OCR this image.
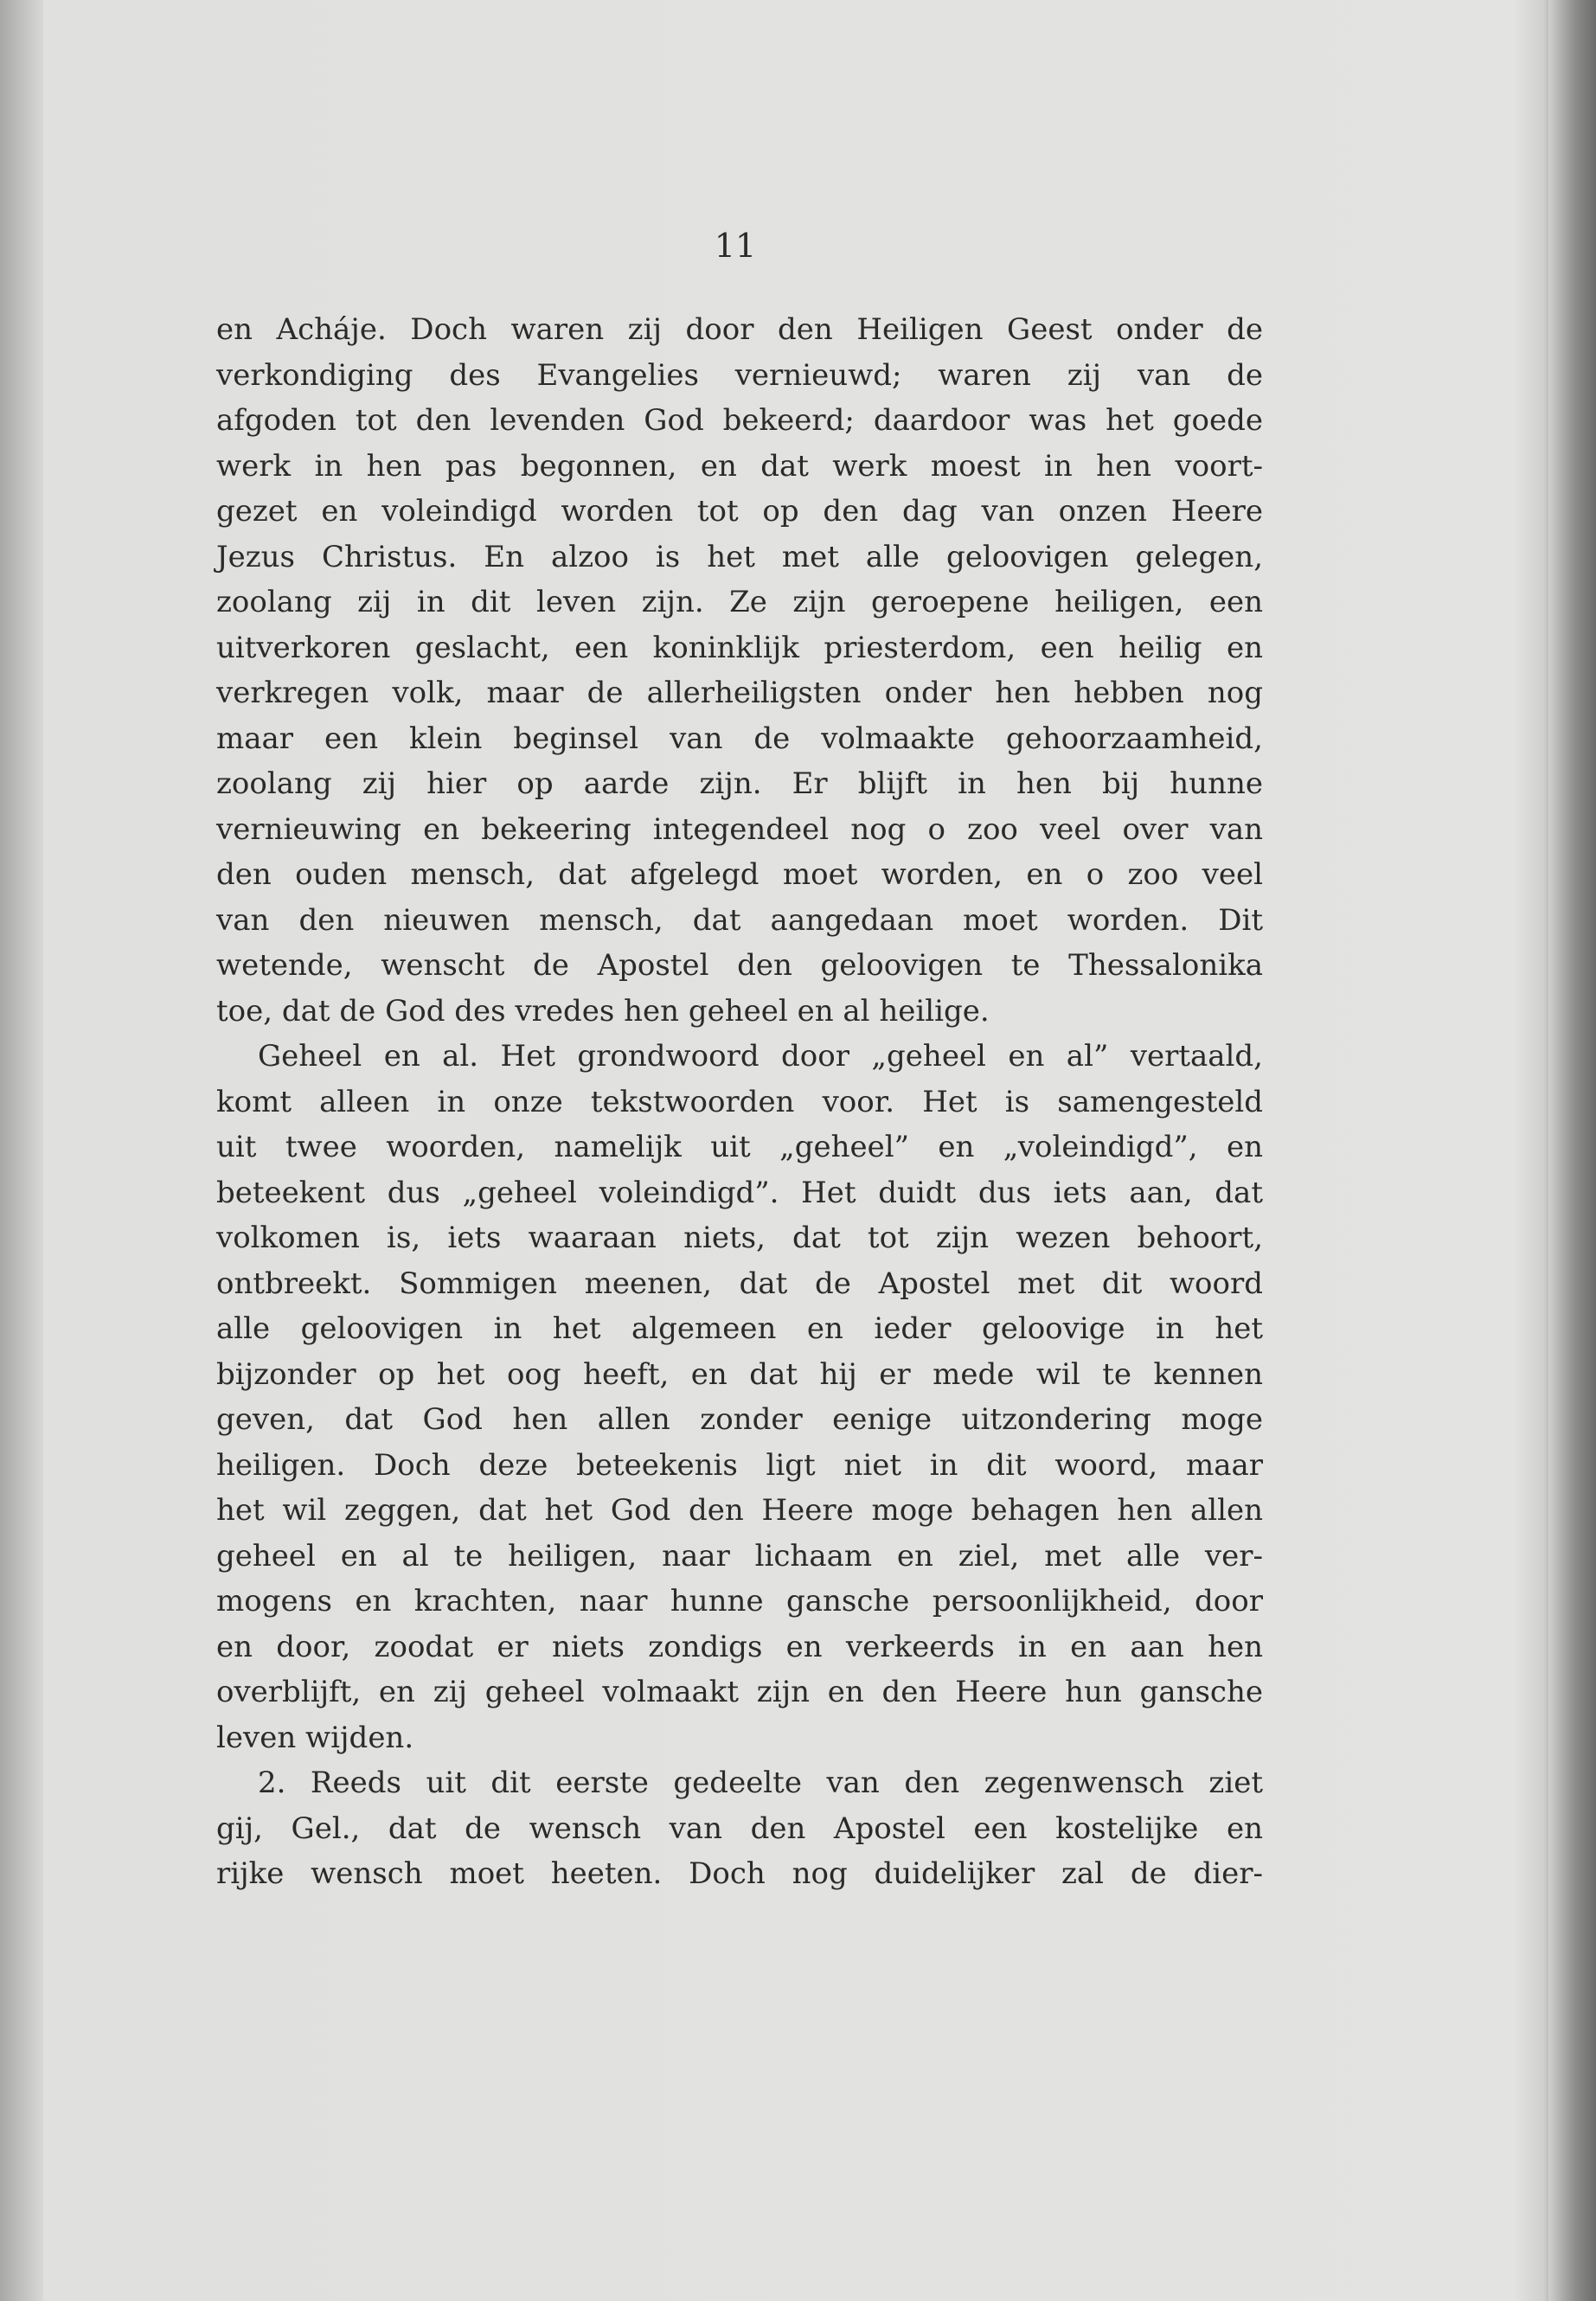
11
en Acháje. Doch waren zij door den Heiligen Geest onder de
verkondiging des Evangelies vernieuwd; waren zij van de
afgoden tot den levenden God bekeerd; daardoor was het goede
werk in hen pas begonnen, en dat werk moest in hen voort-
gezet en voleindigd worden tot op den dag van onzen Heere
Jezus Christus. En alzoo is het met alle geloovigen gelegen,
zoolang zij in dit leven zijn. Ze zijn geroepene heiligen, een
uitverkoren geslacht, een koninklijk priesterdom, een heilig en
verkregen volk, maar de allerheiligsten onder hen hebben nog
maar een klein beginsel van de volmaakte gehoorzaamheid,
zoolang zij hier op aarde zijn. Er blijft in hen bij hunne
vernieuwing en bekeering integendeel nog o zoo veel over van
den ouden mensch, dat afgelegd moet worden, en o zoo veel
van den nieuwen mensch, dat aangedaan moet worden. Dit
wetende, wenscht de Apostel den geloovigen te Thessalonika
toe, dat de God des vredes hen geheel en al heilige.
Geheel en al. Het grondwoord door „geheel en al” vertaald,
komt alleen in onze tekstwoorden voor. Het is samengesteld
uit twee woorden, namelijk uit „geheel” en „voleindigd”, en
beteekent dus „geheel voleindigd”. Het duidt dus iets aan, dat
volkomen is, iets waaraan niets, dat tot zijn wezen behoort,
ontbreekt. Sommigen meenen, dat de Apostel met dit woord
alle geloovigen in het algemeen en ieder geloovige in het
bijzonder op het oog heeft, en dat hij er mede wil te kennen
geven, dat God hen allen zonder eenige uitzondering moge
heiligen. Doch deze beteekenis ligt niet in dit woord, maar
het wil zeggen, dat het God den Heere moge behagen hen allen
geheel en al te heiligen, naar lichaam en ziel, met alle ver-
mogens en krachten, naar hunne gansche persoonlijkheid, door
en door, zoodat er niets zondigs en verkeerds in en aan hen
overblijft, en zij geheel volmaakt zijn en den Heere hun gansche
leven wijden.
2. Reeds uit dit eerste gedeelte van den zegenwensch ziet
gij, Gel., dat de wensch van den Apostel een kostelijke en
rijke wensch moet heeten. Doch nog duidelijker zal de dier-
